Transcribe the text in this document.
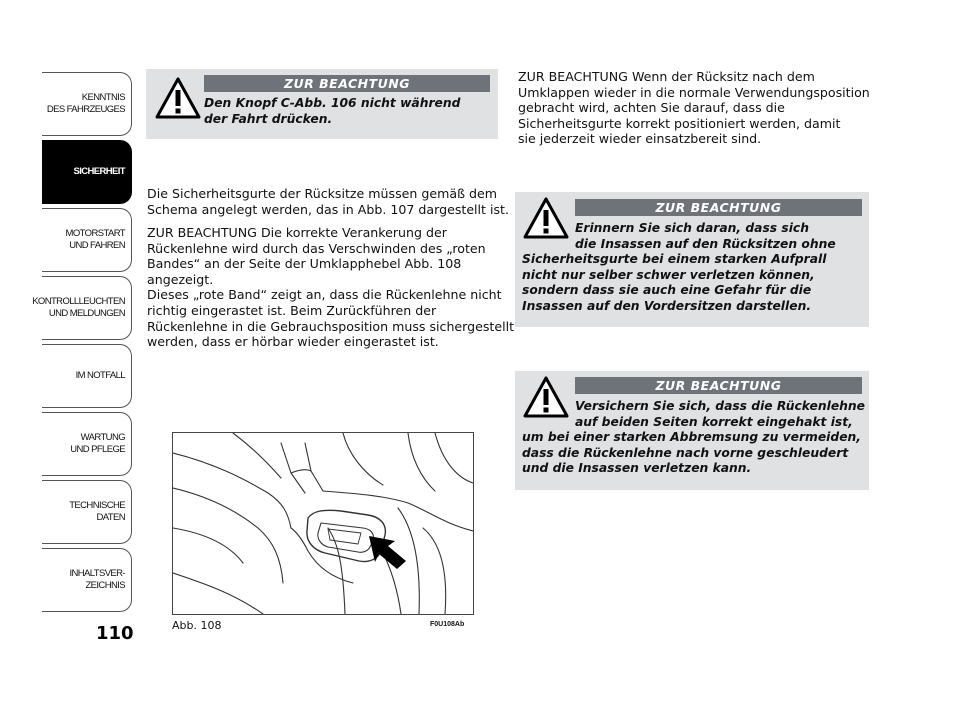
KENNTNIS
DES FAHRZEUGES
SICHERHEIT
MOTORSTART
UND FAHREN
KONTROLLLEUCHTEN
UND MELDUNGEN
IM NOTFALL
WARTUNG
UND PFLEGE
TECHNISCHE
DATEN
INHALTSVER-
ZEICHNIS
110
ZUR BEACHTUNG

Den Knopf C-Abb. 106 nicht während
der Fahrt drücken.

Die Sicherheitsgurte der Rücksitze müssen gemäß dem
Schema angelegt werden, das in Abb. 107 dargestellt ist.

ZUR BEACHTUNG Die korrekte Verankerung der
Rückenlehne wird durch das Verschwinden des „roten
Bandes“ an der Seite der Umklapphebel Abb. 108
angezeigt.
Dieses „rote Band“ zeigt an, dass die Rückenlehne nicht
richtig eingerastet ist. Beim Zurückführen der
Rückenlehne in die Gebrauchsposition muss sichergestellt
werden, dass er hörbar wieder eingerastet ist.

ZUR BEACHTUNG Wenn der Rücksitz nach dem
Umklappen wieder in die normale Verwendungsposition
gebracht wird, achten Sie darauf, dass die
Sicherheitsgurte korrekt positioniert werden, damit
sie jederzeit wieder einsatzbereit sind.

ZUR BEACHTUNG

Erinnern Sie sich daran, dass sich
die Insassen auf den Rücksitzen ohne

Sicherheitsgurte bei einem starken Aufprall
nicht nur selber schwer verletzen können,
sondern dass sie auch eine Gefahr für die
Insassen auf den Vordersitzen darstellen.

ZUR BEACHTUNG

Versichern Sie sich, dass die Rückenlehne
auf beiden Seiten korrekt eingehakt ist,

um bei einer starken Abbremsung zu vermeiden,
dass die Rückenlehne nach vorne geschleudert
und die Insassen verletzen kann.

Abb. 108	F0U108Ab
